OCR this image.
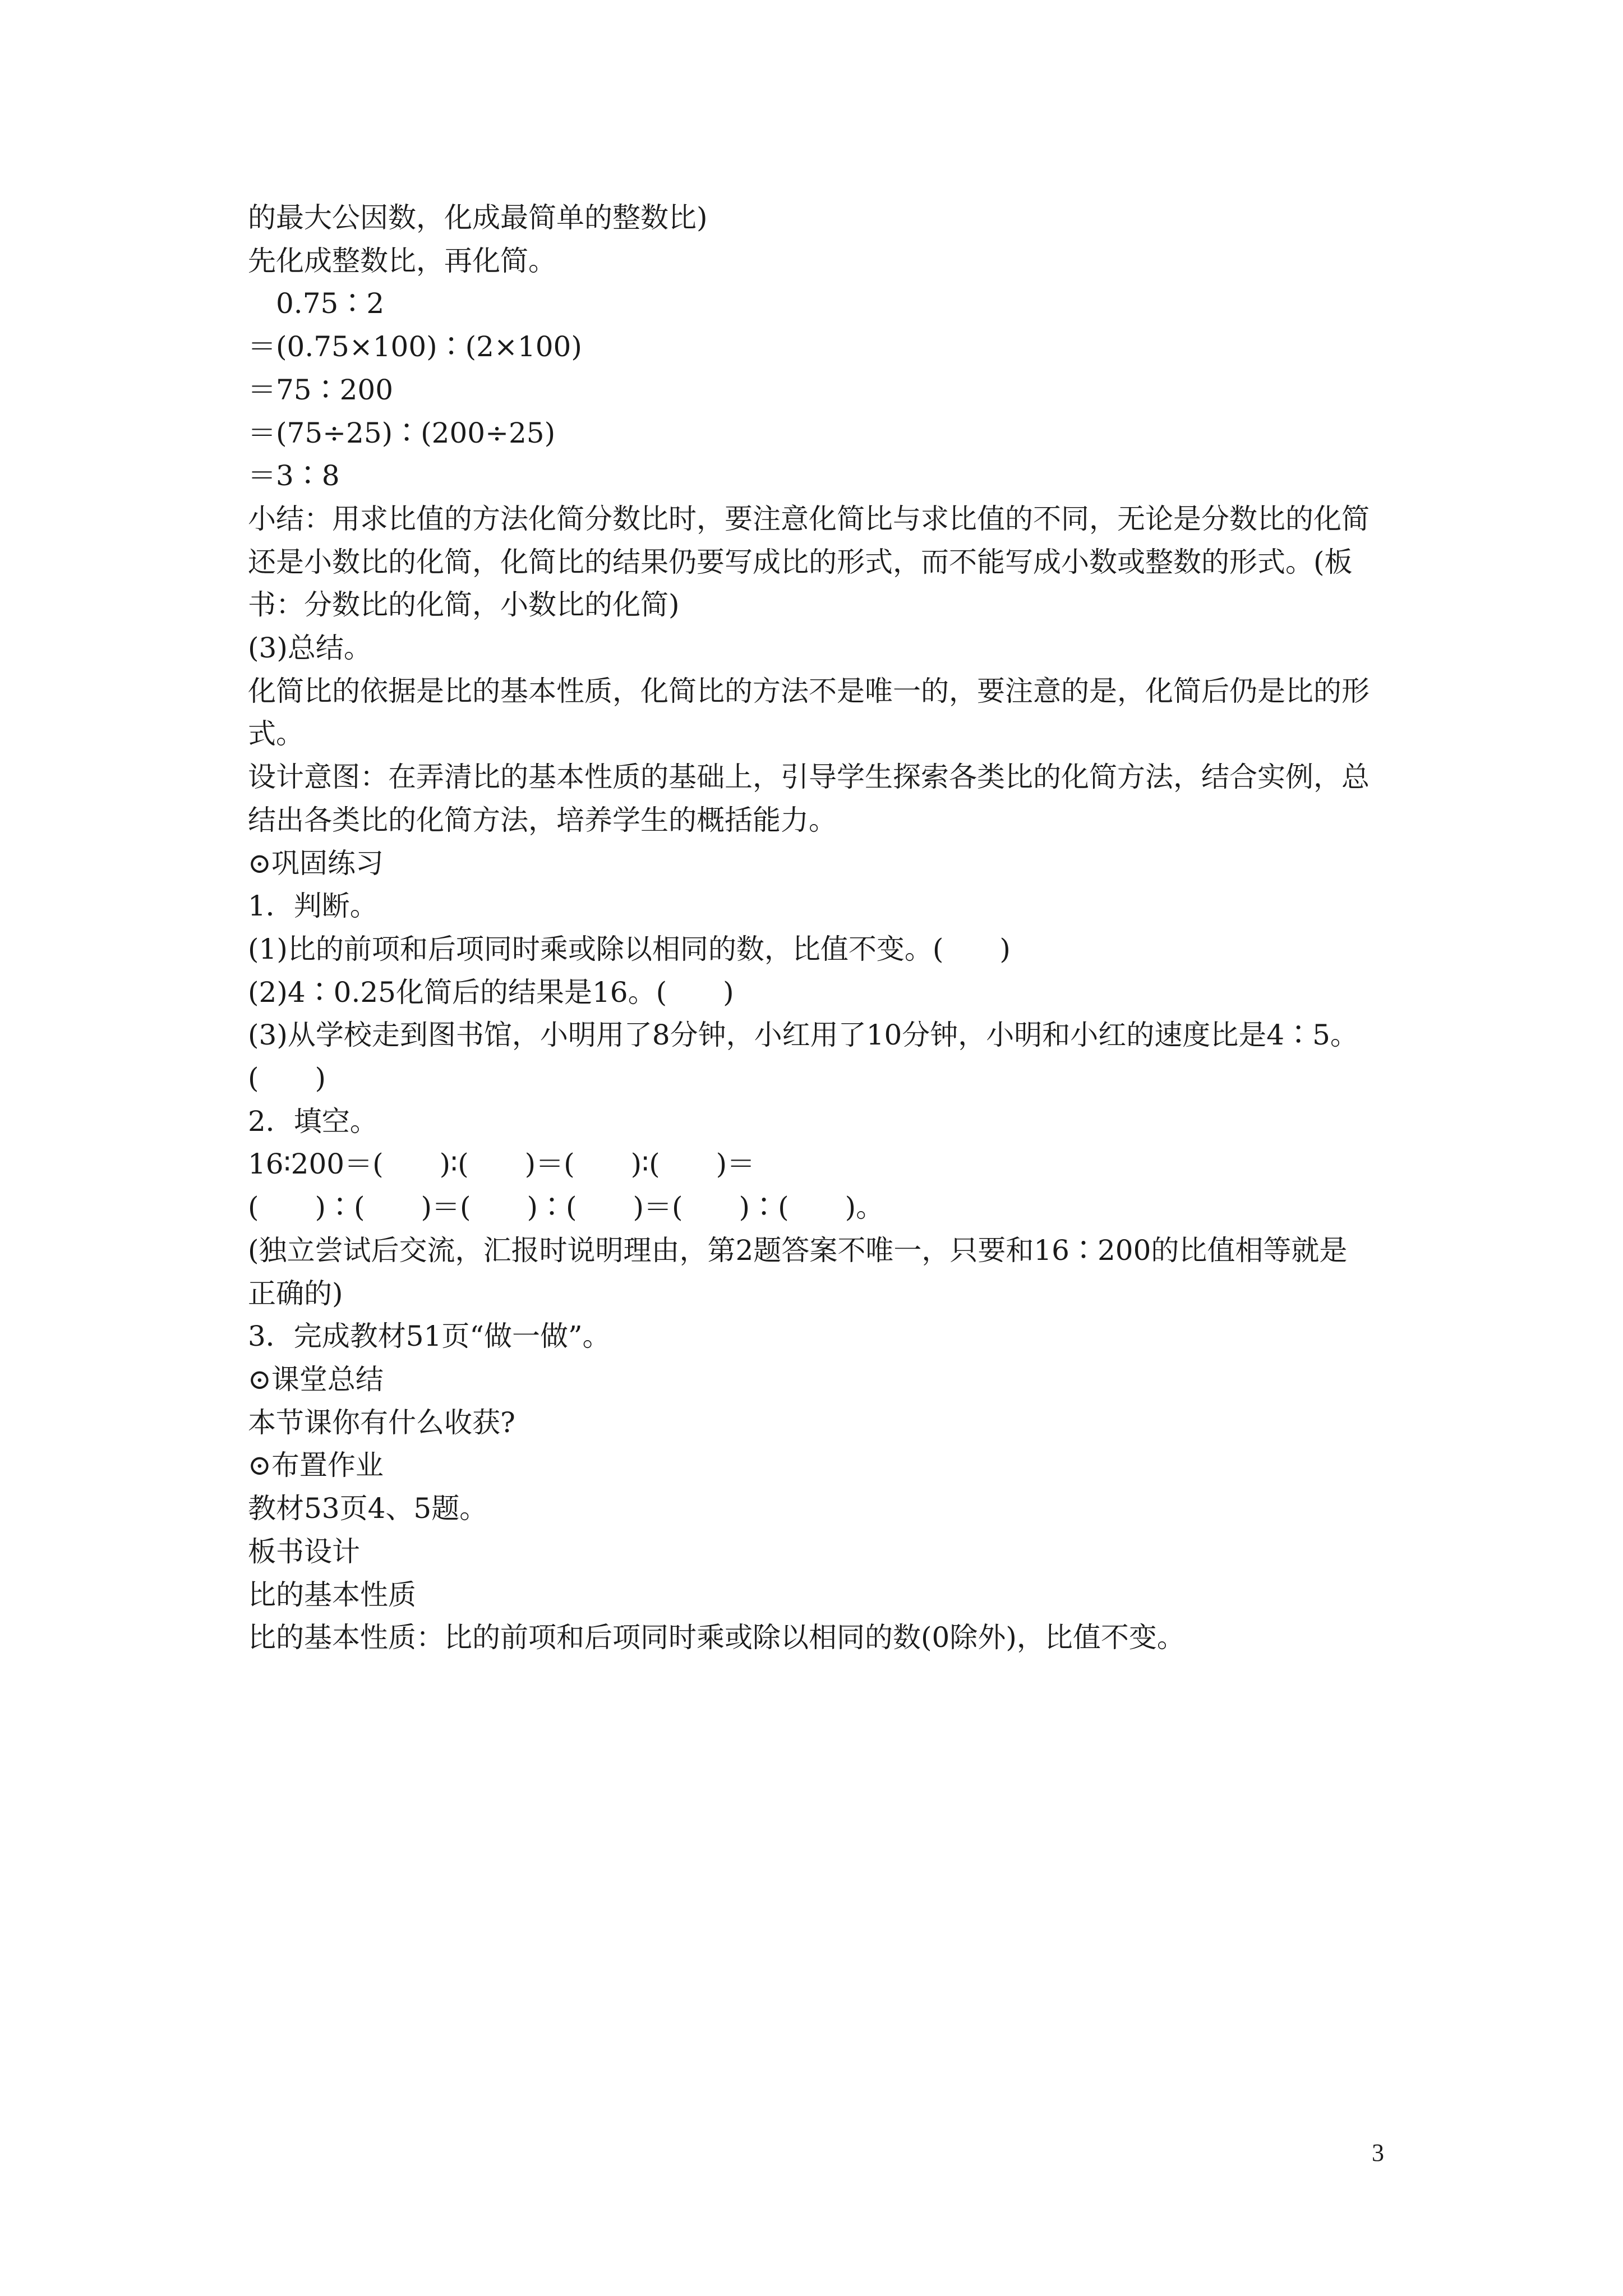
的最大公因数，化成最简单的整数比)

先化成整数比，再化简。

　0.75∶2

＝(0.75×100)∶(2×100)

＝75∶200

＝(75÷25)∶(200÷25)

＝3∶8

小结：用求比值的方法化简分数比时，要注意化简比与求比值的不同，无论是分数比的化简

还是小数比的化简，化简比的结果仍要写成比的形式，而不能写成小数或整数的形式。(板

书：分数比的化简，小数比的化简)

(3)总结。

化简比的依据是比的基本性质，化简比的方法不是唯一的，要注意的是，化简后仍是比的形

式。

设计意图：在弄清比的基本性质的基础上，引导学生探索各类比的化简方法，结合实例，总

结出各类比的化简方法，培养学生的概括能力。

⊙巩固练习

1．判断。

(1)比的前项和后项同时乘或除以相同的数，比值不变。(　　)

(2)4∶0.25化简后的结果是16。(　　)

(3)从学校走到图书馆，小明用了8分钟，小红用了10分钟，小明和小红的速度比是4∶5。

(　　)

2．填空。

16∶200＝(　　)∶(　　)＝(　　)∶(　　)＝

(　　)∶(　　)＝(　　)∶(　　)＝(　　)∶(　　)。

(独立尝试后交流，汇报时说明理由，第2题答案不唯一，只要和16∶200的比值相等就是

正确的)

3．完成教材51页“做一做”。

⊙课堂总结

本节课你有什么收获?

⊙布置作业

教材53页4、5题。

板书设计

比的基本性质

比的基本性质：比的前项和后项同时乘或除以相同的数(0除外)，比值不变。

3
